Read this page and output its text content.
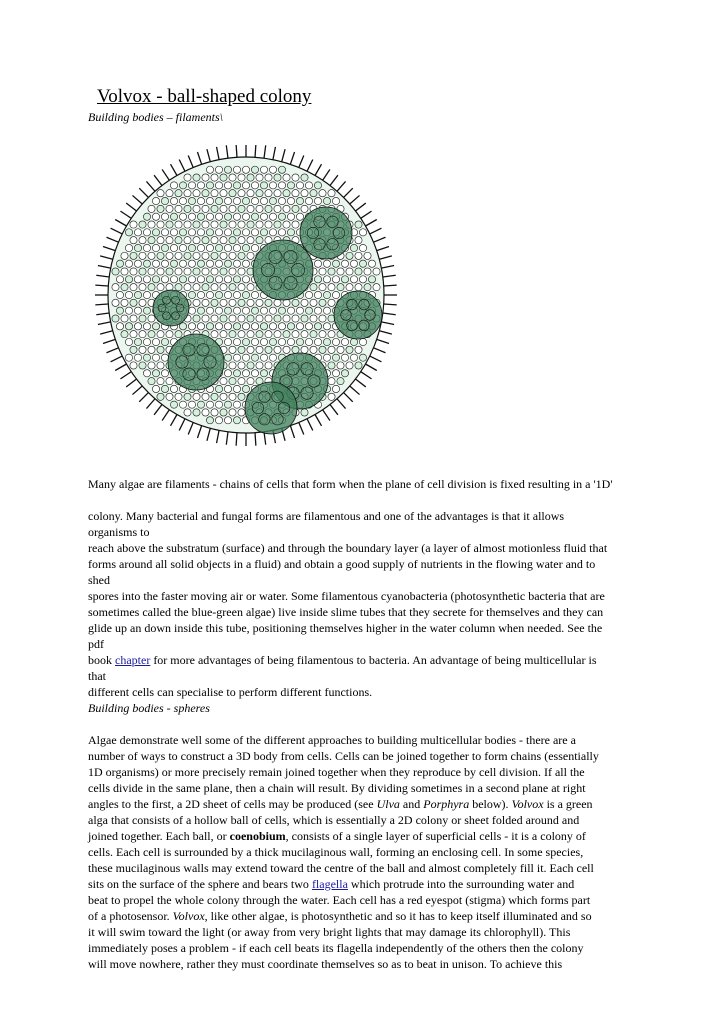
Volvox - ball-shaped colony

Building bodies – filaments\

Many algae are filaments - chains of cells that form when the plane of cell division is fixed resulting in a '1D'
colony. Many bacterial and fungal forms are filamentous and one of the advantages is that it allows
organisms to
reach above the substratum (surface) and through the boundary layer (a layer of almost motionless fluid that
forms around all solid objects in a fluid) and obtain a good supply of nutrients in the flowing water and to
shed
spores into the faster moving air or water. Some filamentous cyanobacteria (photosynthetic bacteria that are
sometimes called the blue-green algae) live inside slime tubes that they secrete for themselves and they can
glide up an down inside this tube, positioning themselves higher in the water column when needed. See the
pdf
book chapter for more advantages of being filamentous to bacteria. An advantage of being multicellular is
that
different cells can specialise to perform different functions.
Building bodies - spheres
Algae demonstrate well some of the different approaches to building multicellular bodies - there are a
number of ways to construct a 3D body from cells. Cells can be joined together to form chains (essentially
1D organisms) or more precisely remain joined together when they reproduce by cell division. If all the
cells divide in the same plane, then a chain will result. By dividing sometimes in a second plane at right
angles to the first, a 2D sheet of cells may be produced (see Ulva and Porphyra below). Volvox is a green
alga that consists of a hollow ball of cells, which is essentially a 2D colony or sheet folded around and
joined together. Each ball, or coenobium, consists of a single layer of superficial cells - it is a colony of
cells. Each cell is surrounded by a thick mucilaginous wall, forming an enclosing cell. In some species,
these mucilaginous walls may extend toward the centre of the ball and almost completely fill it. Each cell
sits on the surface of the sphere and bears two flagella which protrude into the surrounding water and
beat to propel the whole colony through the water. Each cell has a red eyespot (stigma) which forms part
of a photosensor. Volvox, like other algae, is photosynthetic and so it has to keep itself illuminated and so
it will swim toward the light (or away from very bright lights that may damage its chlorophyll). This
immediately poses a problem - if each cell beats its flagella independently of the others then the colony
will move nowhere, rather they must coordinate themselves so as to beat in unison. To achieve this
